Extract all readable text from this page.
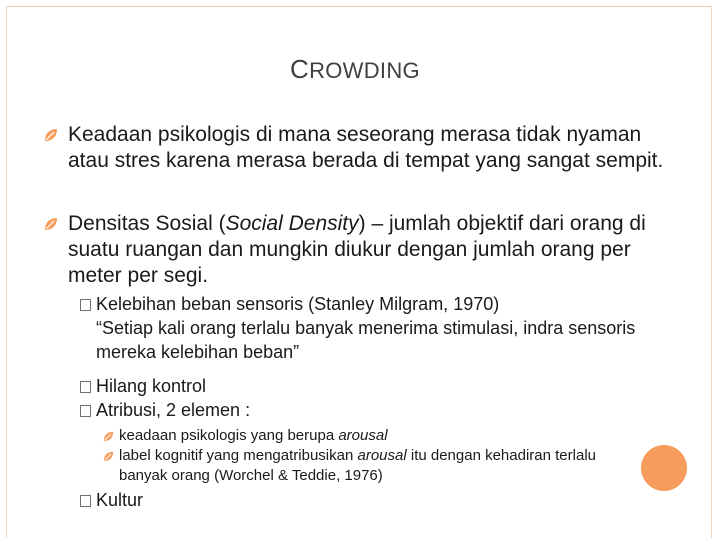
CROWDING
Keadaan psikologis di mana seseorang merasa tidak nyaman atau stres karena merasa berada di tempat yang sangat sempit.
Densitas Sosial (Social Density) – jumlah objektif dari orang di suatu ruangan dan mungkin diukur dengan jumlah orang per meter per segi.
Kelebihan beban sensoris (Stanley Milgram, 1970)
“Setiap kali orang terlalu banyak menerima stimulasi, indra sensoris mereka kelebihan beban”
Hilang kontrol
Atribusi, 2 elemen :
keadaan psikologis yang berupa arousal
label kognitif yang mengatribusikan arousal itu dengan kehadiran terlalu banyak orang (Worchel & Teddie, 1976)
Kultur
